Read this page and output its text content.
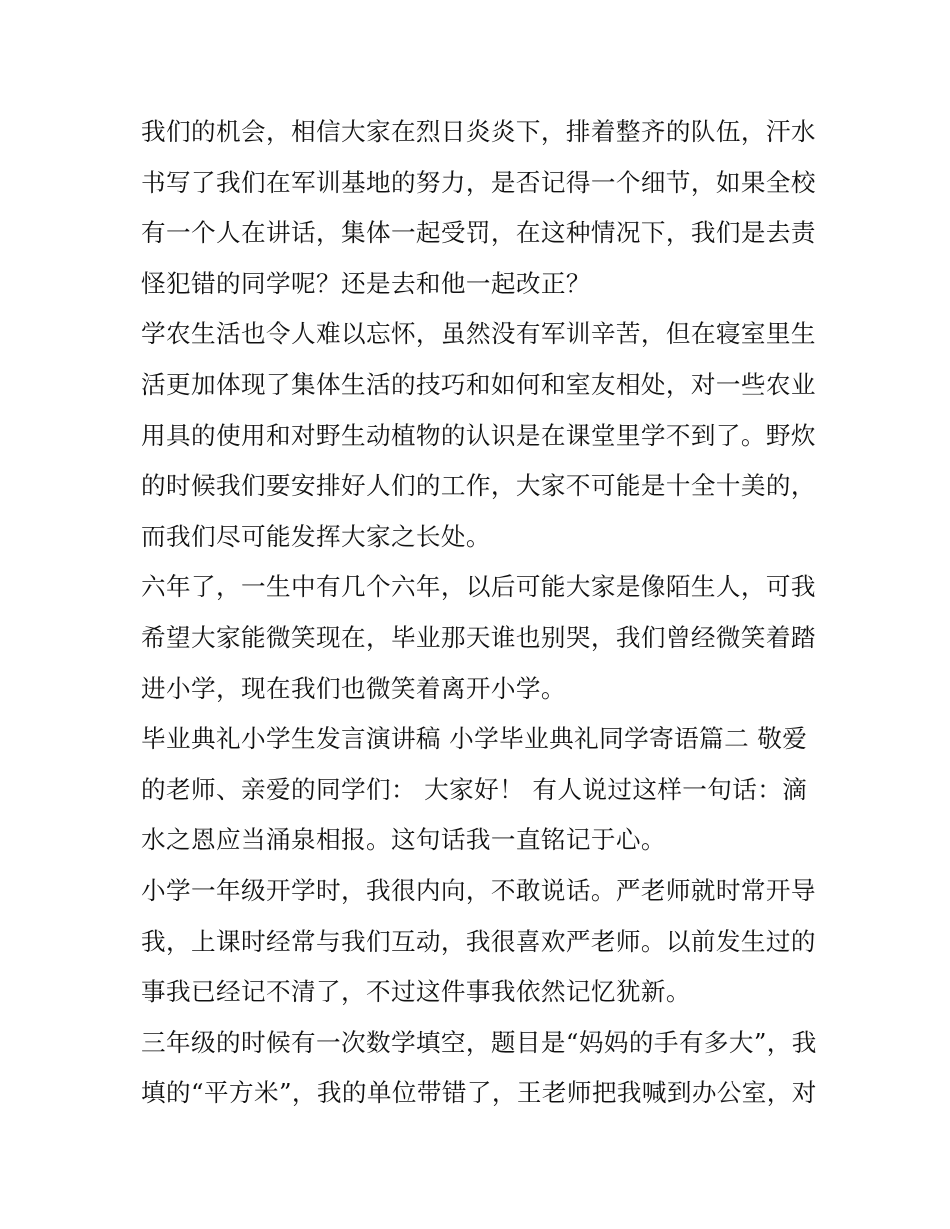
我们的机会，相信大家在烈日炎炎下，排着整齐的队伍，汗水
书写了我们在军训基地的努力，是否记得一个细节，如果全校
有一个人在讲话，集体一起受罚，在这种情况下，我们是去责
怪犯错的同学呢？还是去和他一起改正？
学农生活也令人难以忘怀，虽然没有军训辛苦，但在寝室里生
活更加体现了集体生活的技巧和如何和室友相处，对一些农业
用具的使用和对野生动植物的认识是在课堂里学不到了。野炊
的时候我们要安排好人们的工作，大家不可能是十全十美的，
而我们尽可能发挥大家之长处。
六年了，一生中有几个六年，以后可能大家是像陌生人，可我
希望大家能微笑现在，毕业那天谁也别哭，我们曾经微笑着踏
进小学，现在我们也微笑着离开小学。
毕业典礼小学生发言演讲稿 小学毕业典礼同学寄语篇二 敬爱
的老师、亲爱的同学们： 大家好！ 有人说过这样一句话：滴
水之恩应当涌泉相报。这句话我一直铭记于心。
小学一年级开学时，我很内向，不敢说话。严老师就时常开导
我，上课时经常与我们互动，我很喜欢严老师。以前发生过的
事我已经记不清了，不过这件事我依然记忆犹新。
三年级的时候有一次数学填空，题目是“妈妈的手有多大”，我
填的“平方米”，我的单位带错了，王老师把我喊到办公室，对
